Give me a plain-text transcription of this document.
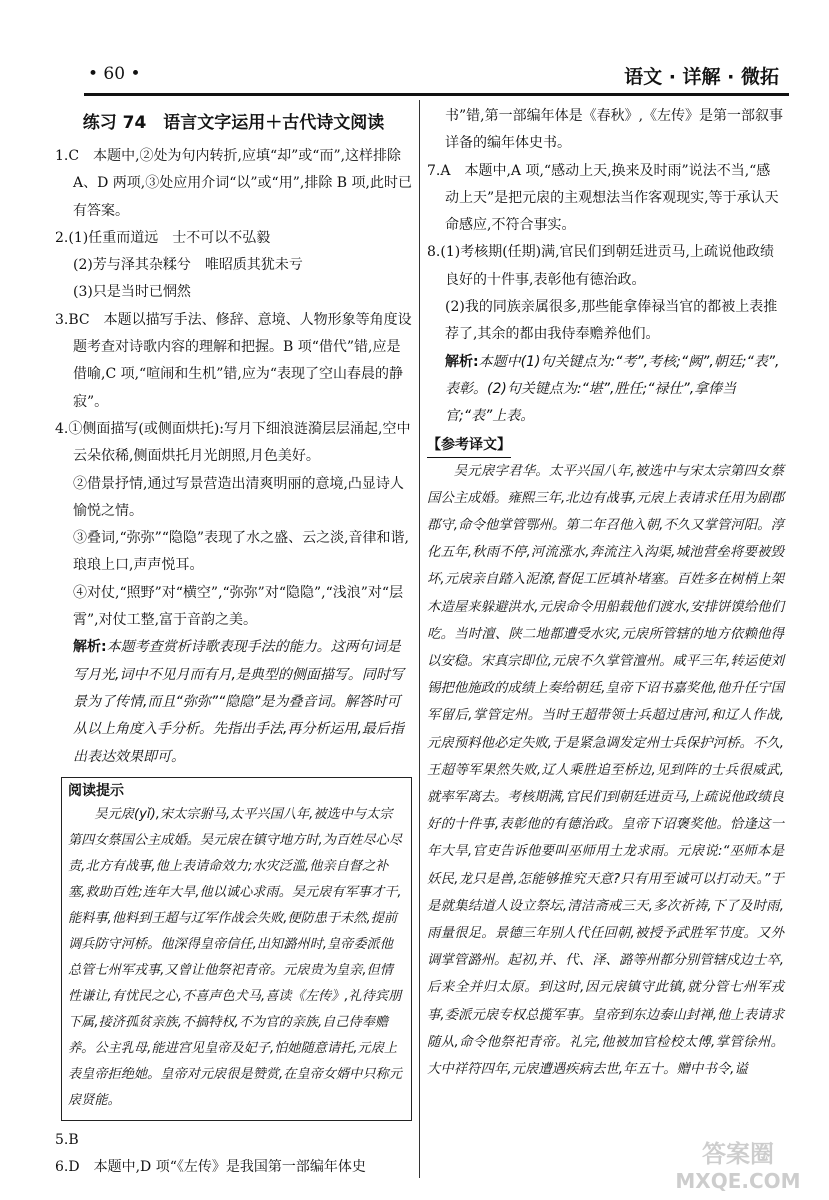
• 60 •	语文 · 详解 · 微拓
练习 74　语言文字运用＋古代诗文阅读

1.C　本题中,②处为句内转折,应填“却”或“而”,这样排除 A、D 两项,③处应用介词“以”或“用”,排除 B 项,此时已有答案。

2.(1)任重而道远　士不可以不弘毅

(2)芳与泽其杂糅兮　唯昭质其犹未亏

(3)只是当时已惘然

3.BC　本题以描写手法、修辞、意境、人物形象等角度设题考查对诗歌内容的理解和把握。B 项“借代”错,应是借喻,C 项,“喧闹和生机”错,应为“表现了空山春晨的静寂”。

4.①侧面描写(或侧面烘托):写月下细浪涟漪层层涌起,空中云朵依稀,侧面烘托月光朗照,月色美好。

②借景抒情,通过写景营造出清爽明丽的意境,凸显诗人愉悦之情。

③叠词,“弥弥”“隐隐”表现了水之盛、云之淡,音律和谐,琅琅上口,声声悦耳。

④对仗,“照野”对“横空”,“弥弥”对“隐隐”,“浅浪”对“层霄”,对仗工整,富于音韵之美。

解析:本题考查赏析诗歌表现手法的能力。这两句词是写月光,词中不见月而有月,是典型的侧面描写。同时写景为了传情,而且“弥弥”“隐隐”是为叠音词。解答时可从以上角度入手分析。先指出手法,再分析运用,最后指出表达效果即可。

阅读提示

吴元扆(yǐ),宋太宗驸马,太平兴国八年,被选中与太宗第四女蔡国公主成婚。吴元扆在镇守地方时,为百姓尽心尽责,北方有战事,他上表请命效力;水灾泛滥,他亲自督之补塞,救助百姓;连年大旱,他以诚心求雨。吴元扆有军事才干,能料事,他料到王超与辽军作战会失败,便防患于未然,提前调兵防守河桥。他深得皇帝信任,出知潞州时,皇帝委派他总管七州军戎事,又曾让他祭祀青帝。元扆贵为皇亲,但情性谦让,有忧民之心,不喜声色犬马,喜读《左传》,礼待宾朋下属,接济孤贫亲族,不搞特权,不为官的亲族,自己侍奉赡养。公主乳母,能进宫见皇帝及妃子,怕她随意请托,元扆上表皇帝拒绝她。皇帝对元扆很是赞赏,在皇帝女婿中只称元扆贤能。

5.B

6.D　本题中,D 项“《左传》是我国第一部编年体史

书”错,第一部编年体是《春秋》,《左传》是第一部叙事详备的编年体史书。

7.A　本题中,A 项,“感动上天,换来及时雨”说法不当,“感动上天”是把元扆的主观想法当作客观现实,等于承认天命感应,不符合事实。

8.(1)考核期(任期)满,官民们到朝廷进贡马,上疏说他政绩良好的十件事,表彰他有德治政。

(2)我的同族亲属很多,那些能拿俸禄当官的都被上表推荐了,其余的都由我侍奉赡养他们。

解析:本题中(1)句关键点为:“考”,考核;“阙”,朝廷;“表”,表彰。(2)句关键点为:“堪”,胜任;“禄仕”,拿俸当官;“表”上表。

【参考译文】

吴元扆字君华。太平兴国八年,被选中与宋太宗第四女蔡国公主成婚。雍熙三年,北边有战事,元扆上表请求任用为剧郡郡守,命令他掌管鄂州。第二年召他入朝,不久又掌管河阳。淳化五年,秋雨不停,河流涨水,奔流注入沟渠,城池营垒将要被毁坏,元扆亲自踏入泥潦,督促工匠填补堵塞。百姓多在树梢上架木造屋来躲避洪水,元扆命令用船载他们渡水,安排饼馍给他们吃。当时澶、陕二地都遭受水灾,元扆所管辖的地方依赖他得以安稳。宋真宗即位,元扆不久掌管澶州。咸平三年,转运使刘锡把他施政的成绩上奏给朝廷,皇帝下诏书嘉奖他,他升任宁国军留后,掌管定州。当时王超带领士兵超过唐河,和辽人作战,元扆预料他必定失败,于是紧急调发定州士兵保护河桥。不久,王超等军果然失败,辽人乘胜追至桥边,见到阵的士兵很威武,就率军离去。考核期满,官民们到朝廷进贡马,上疏说他政绩良好的十件事,表彰他的有德治政。皇帝下诏褒奖他。恰逢这一年大旱,官吏告诉他要叫巫师用土龙求雨。元扆说:“巫师本是妖民,龙只是兽,怎能够推究天意?只有用至诚可以打动天。”于是就集结道人设立祭坛,清洁斋戒三天,多次祈祷,下了及时雨,雨量很足。景德三年别人代任回朝,被授予武胜军节度。又外调掌管潞州。起初,并、代、泽、潞等州都分别管辖戍边士卒,后来全并归太原。到这时,因元扆镇守此镇,就分管七州军戎事,委派元扆专权总揽军事。皇帝到东边泰山封禅,他上表请求随从,命令他祭祀青帝。礼完,他被加官检校太傅,掌管徐州。大中祥符四年,元扆遭遇疾病去世,年五十。赠中书令,谥

答案圈
MXQE.COM
